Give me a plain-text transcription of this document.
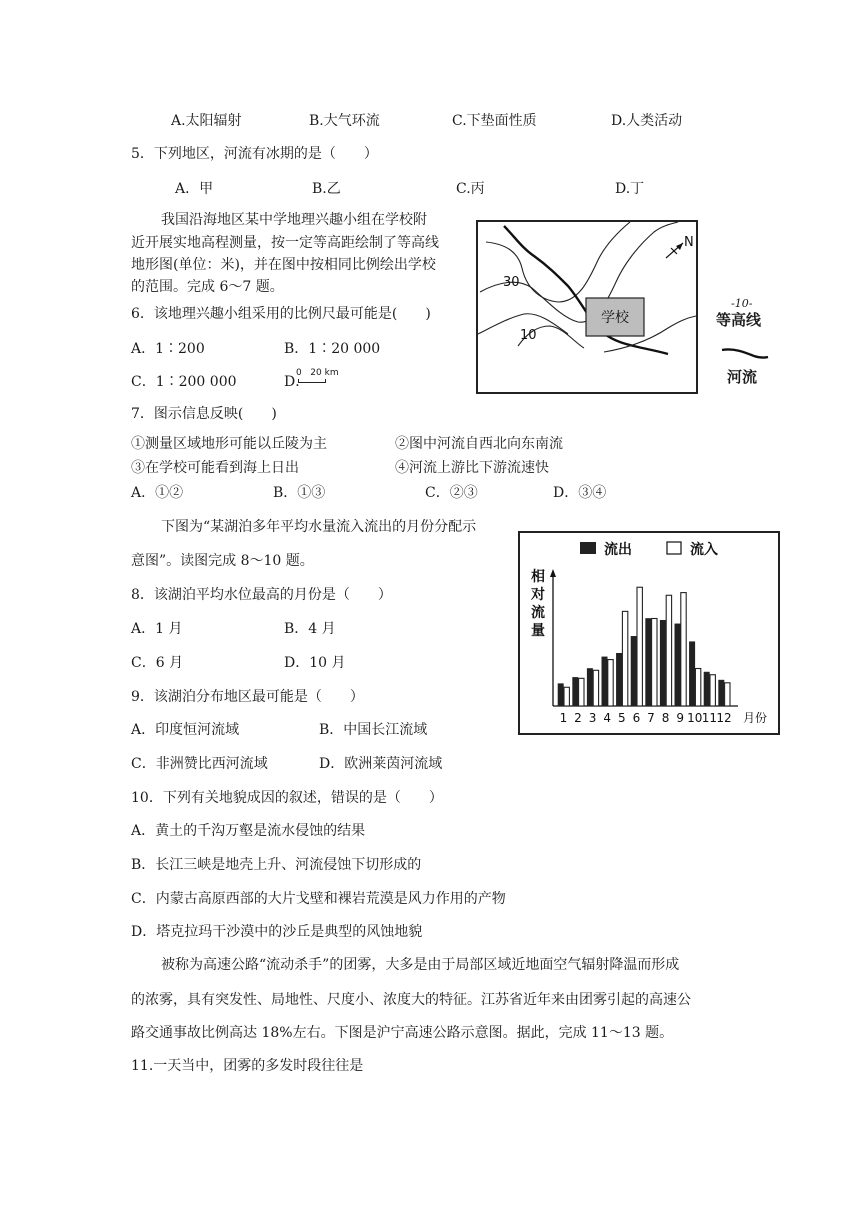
A.太阳辐射	B.大气环流	C.下垫面性质	D.人类活动
5．下列地区，河流有冰期的是（　　）
A．甲	B.乙	C.丙	D.丁
我国沿海地区某中学地理兴趣小组在学校附
近开展实地高程测量，按一定等高距绘制了等高线
地形图(单位：米)，并在图中按相同比例绘出学校
的范围。完成 6～7 题。
6．该地理兴趣小组采用的比例尺最可能是(　　)
A．1∶200	B．1∶20 000
C．1∶200 000	D．
0   20 km
学校
30
10
N
-10-
等高线
河流
7．图示信息反映(　　)
①测量区域地形可能以丘陵为主	②图中河流自西北向东南流
③在学校可能看到海上日出	④河流上游比下游流速快
A．①②	B．①③	C．②③	D．③④
下图为“某湖泊多年平均水量流入流出的月份分配示
意图”。读图完成 8～10 题。
8．该湖泊平均水位最高的月份是（　　）
A．1 月	B．4 月
C．6 月	D．10 月
流出	流入
相
对
流
量
1 2 3 4 5 6 7 8 9 10 11 12 月份
9．该湖泊分布地区最可能是（　　）
A．印度恒河流域	B．中国长江流域
C．非洲赞比西河流域	D．欧洲莱茵河流域
10．下列有关地貌成因的叙述，错误的是（　　）
A．黄土的千沟万壑是流水侵蚀的结果
B．长江三峡是地壳上升、河流侵蚀下切形成的
C．内蒙古高原西部的大片戈壁和裸岩荒漠是风力作用的产物
D．塔克拉玛干沙漠中的沙丘是典型的风蚀地貌
被称为高速公路“流动杀手”的团雾，大多是由于局部区域近地面空气辐射降温而形成
的浓雾，具有突发性、局地性、尺度小、浓度大的特征。江苏省近年来由团雾引起的高速公
路交通事故比例高达 18%左右。下图是沪宁高速公路示意图。据此，完成 11～13 题。
11.一天当中，团雾的多发时段往往是
